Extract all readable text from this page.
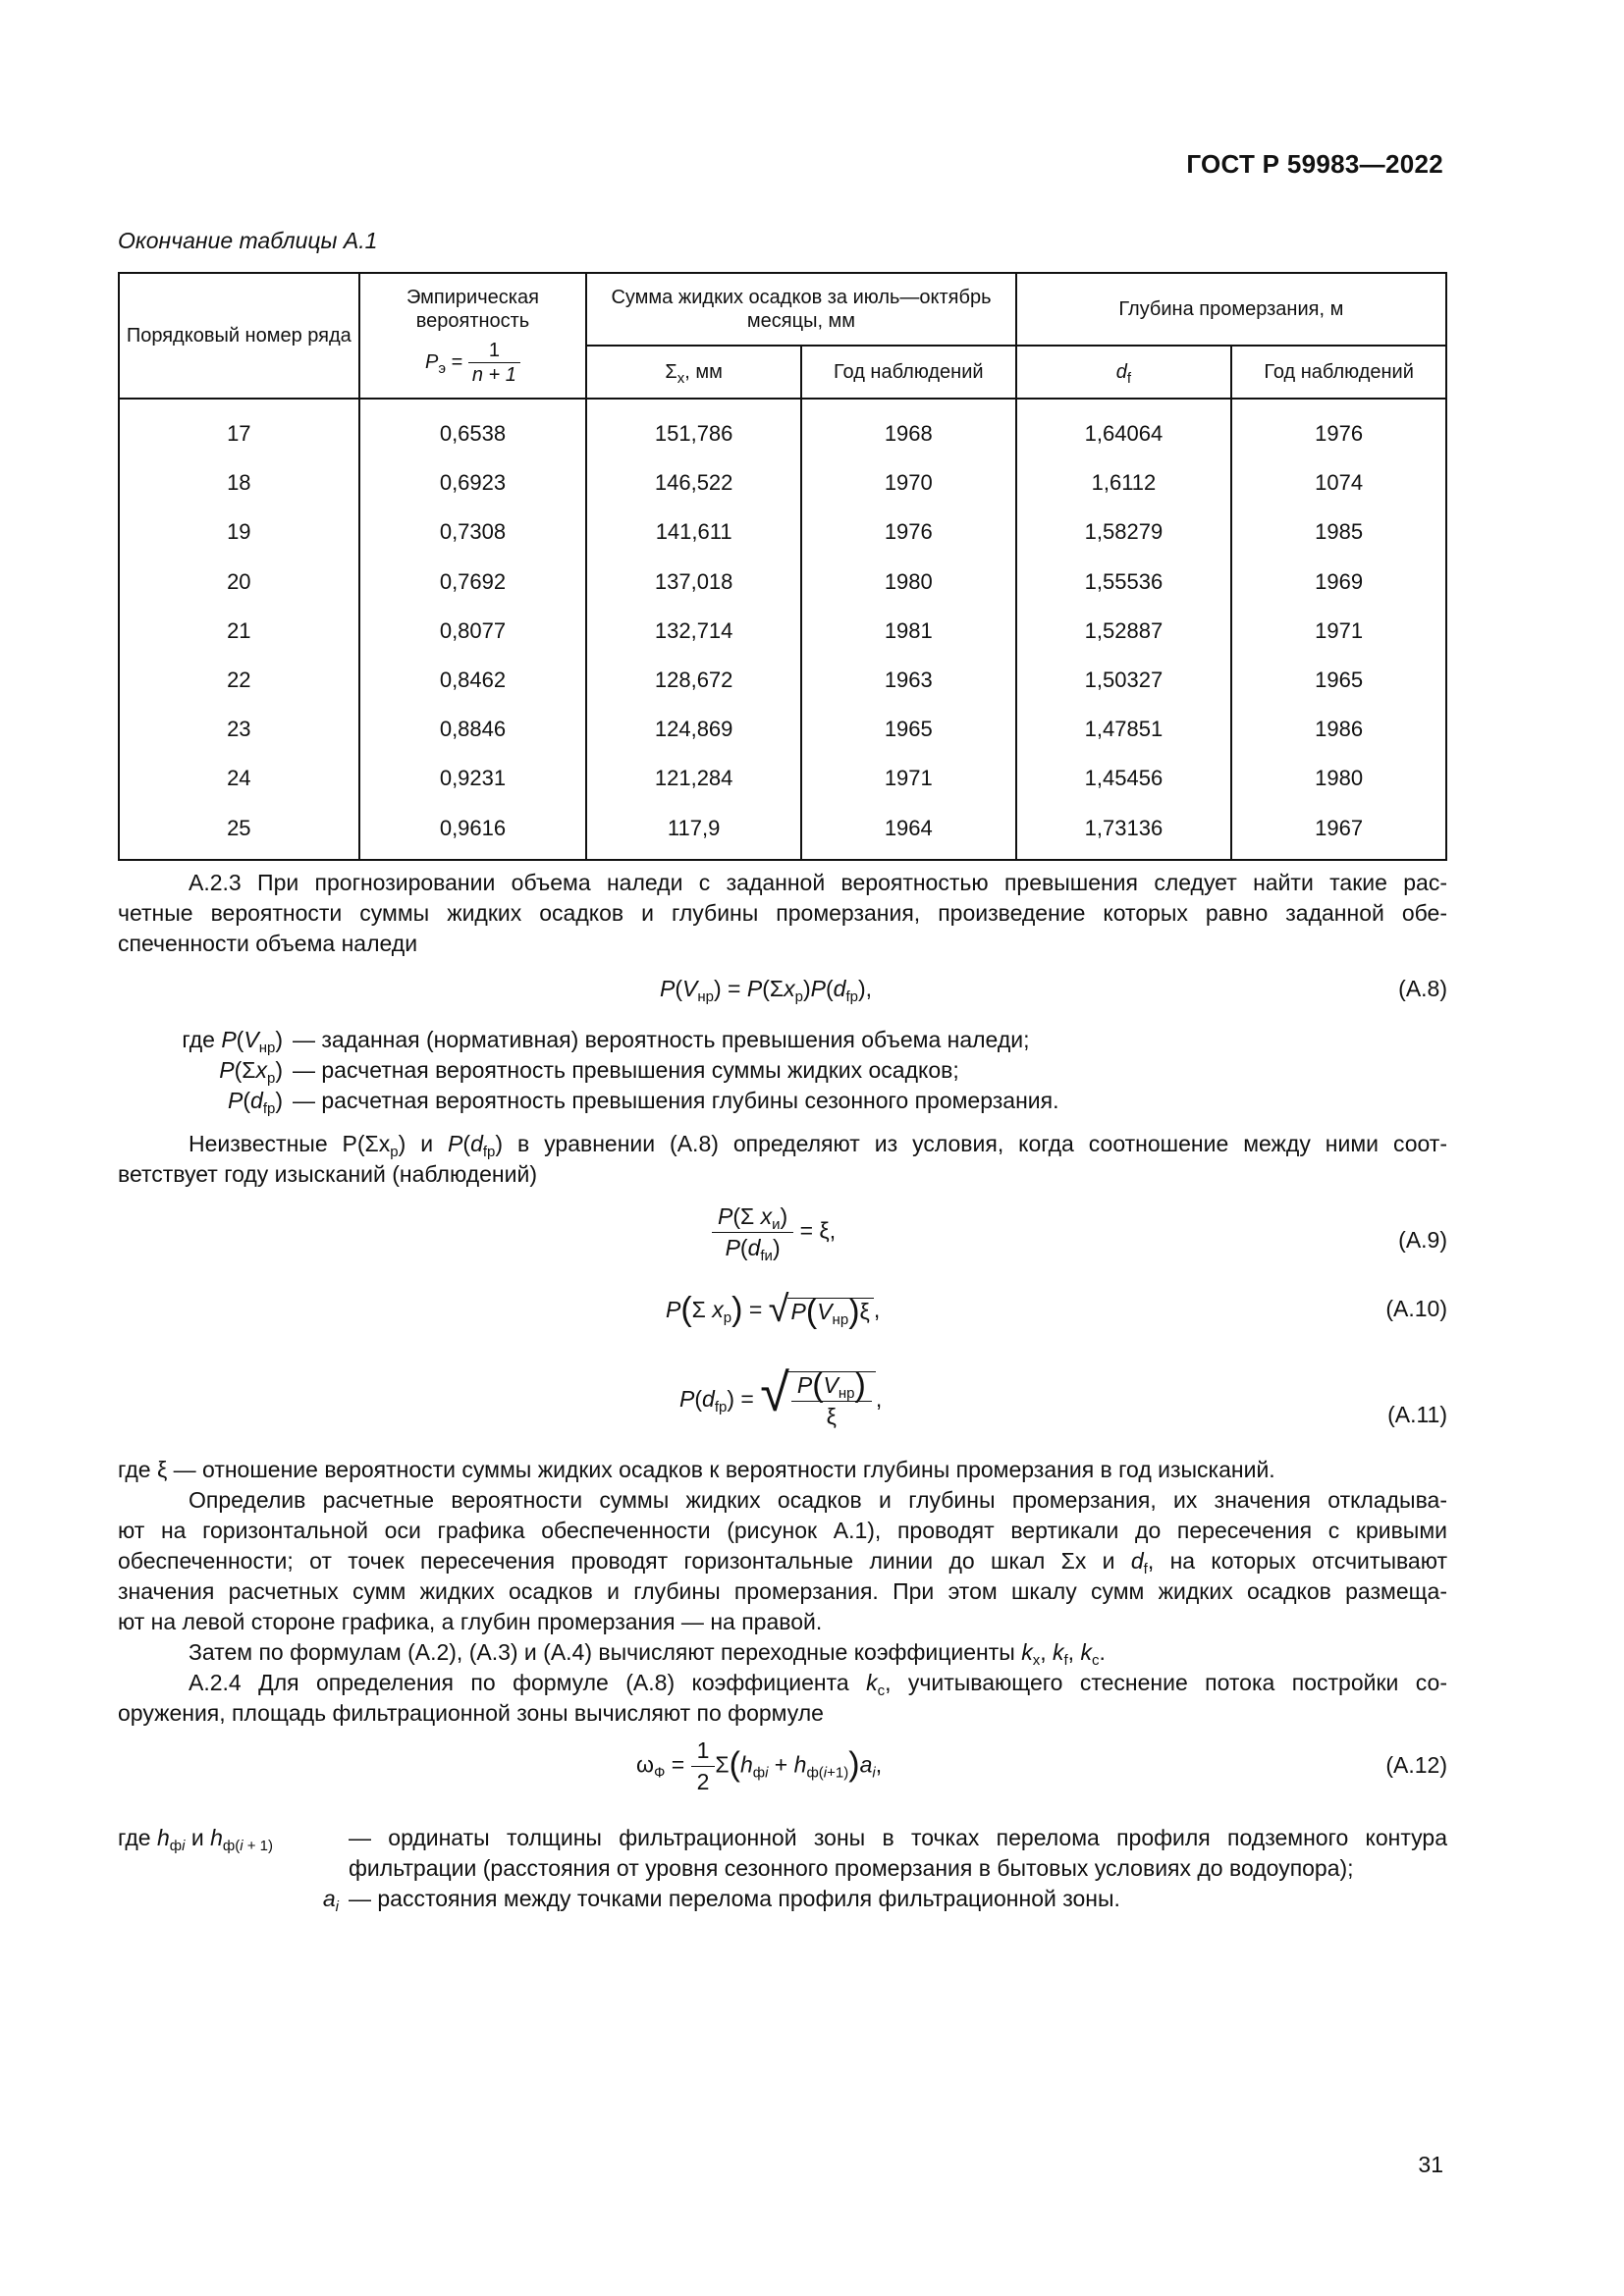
ГОСТ Р 59983—2022
Окончание таблицы А.1
Порядковый номер ряда	Эмпирическая вероятность
$P_э = \frac{1}{n + 1}$	Сумма жидких осадков за июль—октябрь месяцы, мм		Глубина промерзания, м	
		$\Sigma_x$, мм	Год наблюдений	$d_f$	Год наблюдений
17	0,6538	151,786	1968	1,64064	1976
18	0,6923	146,522	1970	1,6112	1074
19	0,7308	141,611	1976	1,58279	1985
20	0,7692	137,018	1980	1,55536	1969
21	0,8077	132,714	1981	1,52887	1971
22	0,8462	128,672	1963	1,50327	1965
23	0,8846	124,869	1965	1,47851	1986
24	0,9231	121,284	1971	1,45456	1980
25	0,9616	117,9	1964	1,73136	1967

А.2.3 При прогнозировании объема наледи с заданной вероятностью превышения следует найти такие рас-

четные вероятности суммы жидких осадков и глубины промерзания, произведение которых равно заданной обе-

спеченности объема наледи

$P(V_{нр}) = P(\Sigma x_р)P(d_{fр})$,	(А.8)
где $P(V_{нр})$ — заданная (нормативная) вероятность превышения объема наледи;
$P(\Sigma x_р)$ — расчетная вероятность превышения суммы жидких осадков;
$P(d_{fр})$ — расчетная вероятность превышения глубины сезонного промерзания.

Неизвестные $P(\Sigma x_р)$ и $P(d_{fр})$ в уравнении (А.8) определяют из условия, когда соотношение между ними соот-

ветствует году изысканий (наблюдений)

P(Σ $x_и$)
$P(d_{fи})$
= ξ,	(А.9)
P(Σ $x_р) = √P(V_{нр})\xi$ ,	(А.10)
$P(d_{fр})$ = √ $P(V_{нр})$
ξ
,
(А.11)

где ξ — отношение вероятности суммы жидких осадков к вероятности глубины промерзания в год изысканий.

Определив расчетные вероятности суммы жидких осадков и глубины промерзания, их значения откладыва-

ют на горизонтальной оси графика обеспеченности (рисунок А.1), проводят вертикали до пересечения с кривыми

обеспеченности; от точек пересечения проводят горизонтальные линии до шкал Σx и $d_f$, на которых отсчитывают

значения расчетных сумм жидких осадков и глубины промерзания. При этом шкалу сумм жидких осадков размеща-

ют на левой стороне графика, а глубин промерзания — на правой.

Затем по формулам (А.2), (А.3) и (А.4) вычисляют переходные коэффициенты $k_x$, $k_f$, $k_c$.

А.2.4 Для определения по формуле (А.8) коэффициента $k_c$, учитывающего стеснение потока постройки со-

оружения, площадь фильтрационной зоны вычисляют по формуле

$\omega_Ф = \frac{1}{2} \Sigma(h_{фi} + h_{ф(i+1)})a_i$,	(А.12)
где $h_{фi}$ и $h_{ф(i + 1)}$	— ординаты толщины фильтрационной зоны в точках перелома профиля подземного контура фильтрации (расстояния от уровня сезонного промерзания в бытовых условиях до водоупора);
$a_i$ — расстояния между точками перелома профиля фильтрационной зоны.
31
